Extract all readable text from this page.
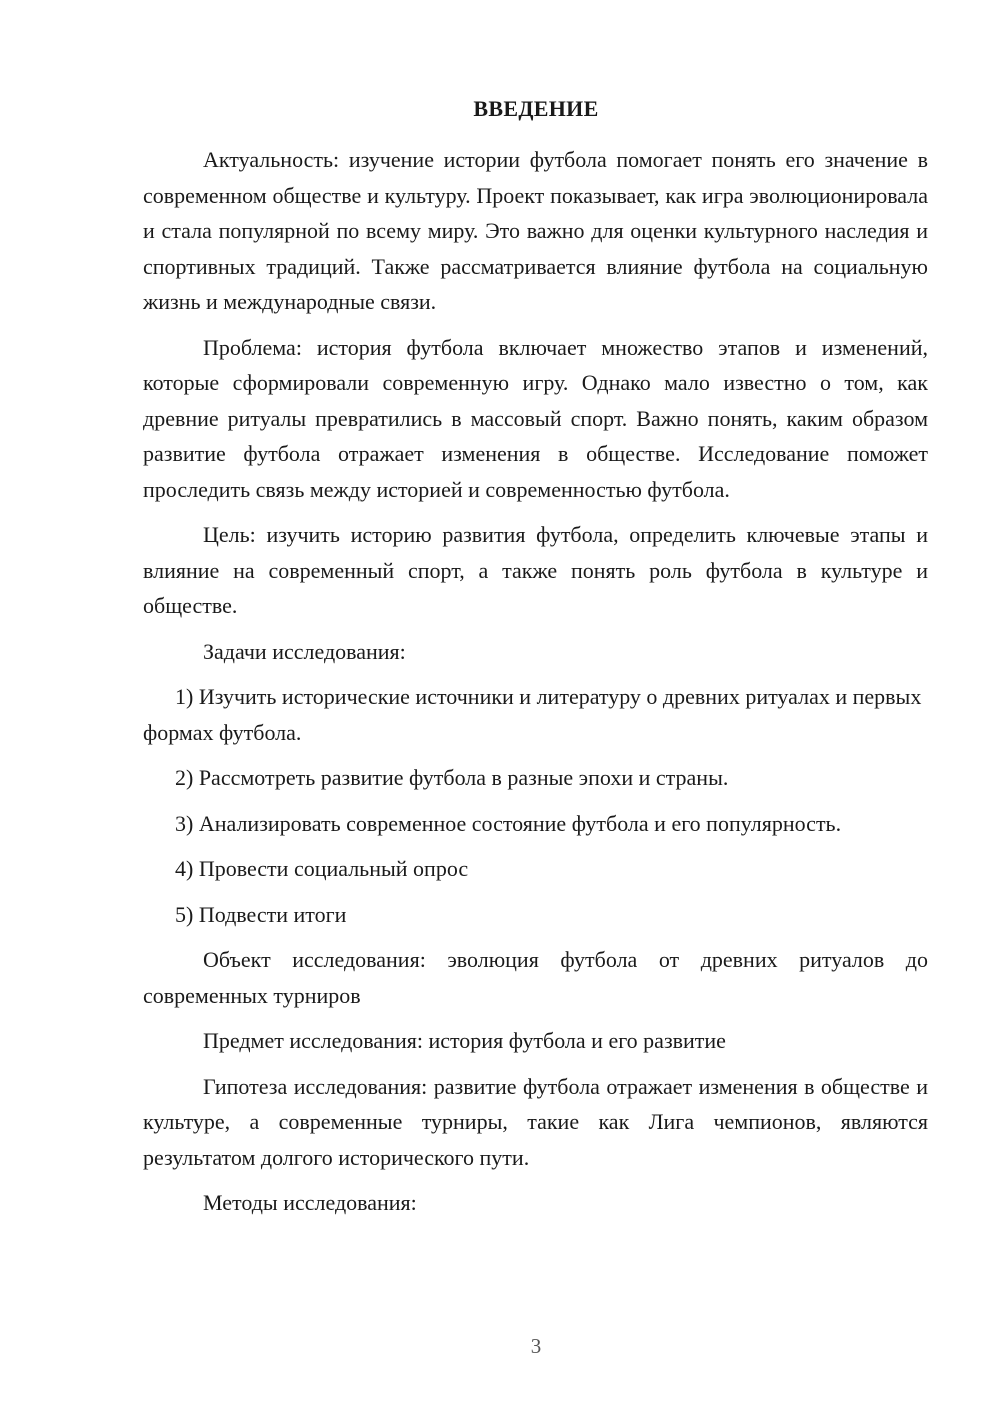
ВВЕДЕНИЕ

Актуальность: изучение истории футбола помогает понять его значение в современном обществе и культуру. Проект показывает, как игра эволюционировала и стала популярной по всему миру. Это важно для оценки культурного наследия и спортивных традиций. Также рассматривается влияние футбола на социальную жизнь и международные связи.

Проблема: история футбола включает множество этапов и изменений, которые сформировали современную игру. Однако мало известно о том, как древние ритуалы превратились в массовый спорт. Важно понять, каким образом развитие футбола отражает изменения в обществе. Исследование поможет проследить связь между историей и современностью футбола.

Цель: изучить историю развития футбола, определить ключевые этапы и влияние на современный спорт, а также понять роль футбола в культуре и обществе.

Задачи исследования:

1) Изучить исторические источники и литературу о древних ритуалах и первых формах футбола.

2) Рассмотреть развитие футбола в разные эпохи и страны.

3) Анализировать современное состояние футбола и его популярность.

4) Провести социальный опрос

5) Подвести итоги

Объект исследования: эволюция футбола от древних ритуалов до современных турниров

Предмет исследования: история футбола и его развитие

Гипотеза исследования: развитие футбола отражает изменения в обществе и культуре, а современные турниры, такие как Лига чемпионов, являются результатом долгого исторического пути.

Методы исследования:

3
